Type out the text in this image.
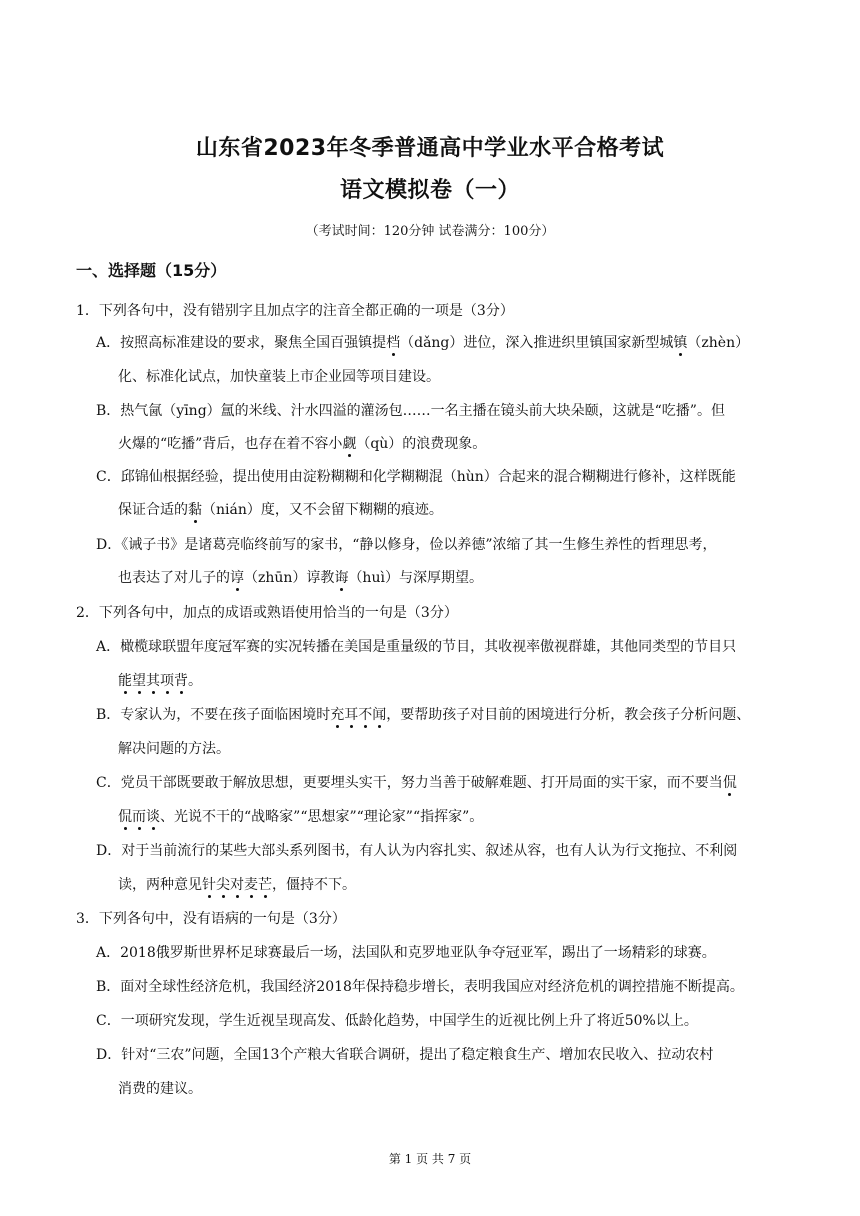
山东省2023年冬季普通高中学业水平合格考试
语文模拟卷（一）
（考试时间：120分钟 试卷满分：100分）
一、选择题（15分）
1．下列各句中，没有错别字且加点字的注音全都正确的一项是（3分）
A．按照高标准建设的要求，聚焦全国百强镇提档（dǎng）进位，深入推进织里镇国家新型城镇（zhèn）
化、标准化试点，加快童装上市企业园等项目建设。
B．热气氤（yīng）氲的米线、汁水四溢的灌汤包……一名主播在镜头前大块朵颐，这就是“吃播”。但
火爆的“吃播”背后，也存在着不容小觑（qù）的浪费现象。
C．邱锦仙根据经验，提出使用由淀粉糊糊和化学糊糊混（hùn）合起来的混合糊糊进行修补，这样既能
保证合适的黏（nián）度，又不会留下糊糊的痕迹。
D．《诫子书》是诸葛亮临终前写的家书，“静以修身，俭以养德”浓缩了其一生修生养性的哲理思考，
也表达了对儿子的谆（zhūn）谆教诲（huì）与深厚期望。
2．下列各句中，加点的成语或熟语使用恰当的一句是（3分）
A．橄榄球联盟年度冠军赛的实况转播在美国是重量级的节目，其收视率傲视群雄，其他同类型的节目只
能望其项背。
B．专家认为，不要在孩子面临困境时充耳不闻，要帮助孩子对目前的困境进行分析，教会孩子分析问题、
解决问题的方法。
C．党员干部既要敢于解放思想，更要埋头实干，努力当善于破解难题、打开局面的实干家，而不要当侃
侃而谈、光说不干的“战略家”“思想家”“理论家”“指挥家”。
D．对于当前流行的某些大部头系列图书，有人认为内容扎实、叙述从容，也有人认为行文拖拉、不利阅
读，两种意见针尖对麦芒，僵持不下。
3．下列各句中，没有语病的一句是（3分）
A．2018俄罗斯世界杯足球赛最后一场，法国队和克罗地亚队争夺冠亚军，踢出了一场精彩的球赛。
B．面对全球性经济危机，我国经济2018年保持稳步增长，表明我国应对经济危机的调控措施不断提高。
C．一项研究发现，学生近视呈现高发、低龄化趋势，中国学生的近视比例上升了将近50%以上。
D．针对“三农”问题，全国13个产粮大省联合调研，提出了稳定粮食生产、增加农民收入、拉动农村
消费的建议。
第 1 页 共 7 页
